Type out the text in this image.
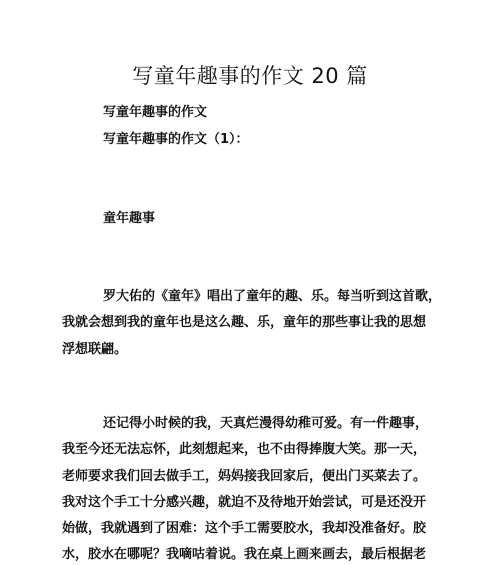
写童年趣事的作文 20 篇
写童年趣事的作文
写童年趣事的作文（1）：
童年趣事
罗大佑的《童年》唱出了童年的趣、乐。每当听到这首歌，
我就会想到我的童年也是这么趣、乐，童年的那些事让我的思想
浮想联翩。
还记得小时候的我，天真烂漫得幼稚可爱。有一件趣事，
我至今还无法忘怀，此刻想起来，也不由得捧腹大笑。那一天，
老师要求我们回去做手工，妈妈接我回家后，便出门买菜去了。
我对这个手工十分感兴趣，就迫不及待地开始尝试，可是还没开
始做，我就遇到了困难：这个手工需要胶水，我却没准备好。胶
水，胶水在哪呢？我嘀咕着说。我在桌上画来画去，最后根据老
